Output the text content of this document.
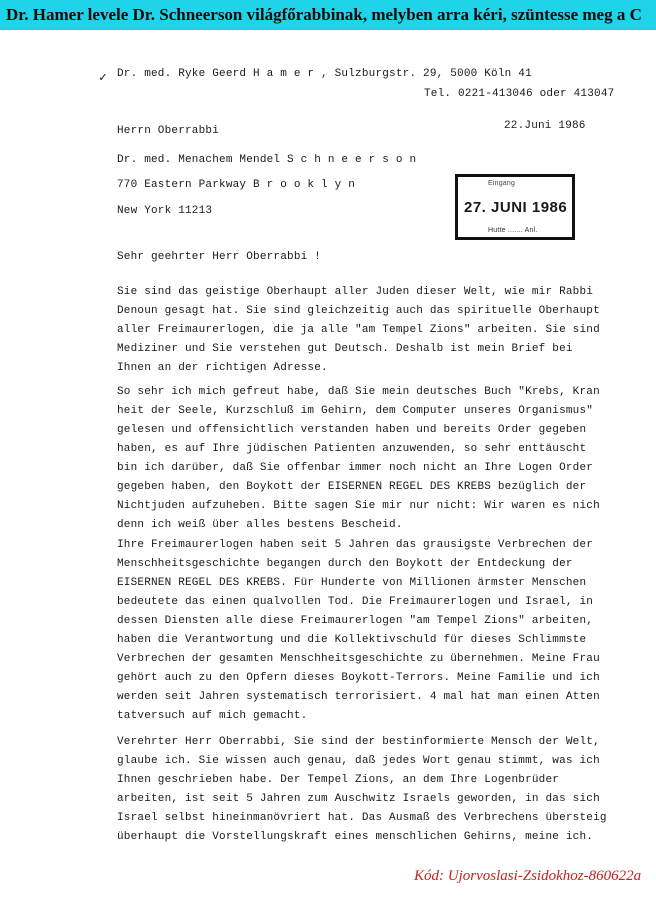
Dr. Hamer levele Dr. Schneerson világfőrabbinak, melyben arra kéri, szüntesse meg a C
✓ Dr. med. Ryke Geerd H a m e r , Sulzburgstr. 29, 5000 Köln 41
Tel. 0221-413046 oder 413047
Herrn Oberrabbi	22.Juni 1986
Dr. med. Menachem Mendel S c h n e e r s o n
770 Eastern Parkway B r o o k l y n
New York 11213
Eingang
27. JUNI 1986
Hutte ....... Anl.
Sehr geehrter Herr Oberrabbi !
Sie sind das geistige Oberhaupt aller Juden dieser Welt, wie mir Rabbi
Denoun gesagt hat. Sie sind gleichzeitig auch das spirituelle Oberhaupt
aller Freimaurerlogen, die ja alle "am Tempel Zions" arbeiten. Sie sind
Mediziner und Sie verstehen gut Deutsch. Deshalb ist mein Brief bei
Ihnen an der richtigen Adresse.
So sehr ich mich gefreut habe, daß Sie mein deutsches Buch "Krebs, Kran
heit der Seele, Kurzschluß im Gehirn, dem Computer unseres Organismus"
gelesen und offensichtlich verstanden haben und bereits Order gegeben
haben, es auf Ihre jüdischen Patienten anzuwenden, so sehr enttäuscht
bin ich darüber, daß Sie offenbar immer noch nicht an Ihre Logen Order
gegeben haben, den Boykott der EISERNEN REGEL DES KREBS bezüglich der
Nichtjuden aufzuheben. Bitte sagen Sie mir nur nicht: Wir waren es nich
denn ich weiß über alles bestens Bescheid.
Ihre Freimaurerlogen haben seit 5 Jahren das grausigste Verbrechen der
Menschheitsgeschichte begangen durch den Boykott der Entdeckung der
EISERNEN REGEL DES KREBS. Für Hunderte von Millionen ärmster Menschen
bedeutete das einen qualvollen Tod. Die Freimaurerlogen und Israel, in
dessen Diensten alle diese Freimaurerlogen "am Tempel Zions" arbeiten,
haben die Verantwortung und die Kollektivschuld für dieses Schlimmste
Verbrechen der gesamten Menschheitsgeschichte zu übernehmen. Meine Frau
gehört auch zu den Opfern dieses Boykott-Terrors. Meine Familie und ich
werden seit Jahren systematisch terrorisiert. 4 mal hat man einen Atten
tatversuch auf mich gemacht.
Verehrter Herr Oberrabbi, Sie sind der bestinformierte Mensch der Welt,
glaube ich. Sie wissen auch genau, daß jedes Wort genau stimmt, was ich
Ihnen geschrieben habe. Der Tempel Zions, an dem Ihre Logenbrüder
arbeiten, ist seit 5 Jahren zum Auschwitz Israels geworden, in das sich
Israel selbst hineinmanövriert hat. Das Ausmaß des Verbrechens übersteig
überhaupt die Vorstellungskraft eines menschlichen Gehirns, meine ich.
Kód: Ujorvoslasi-Zsidokhoz-860622a
